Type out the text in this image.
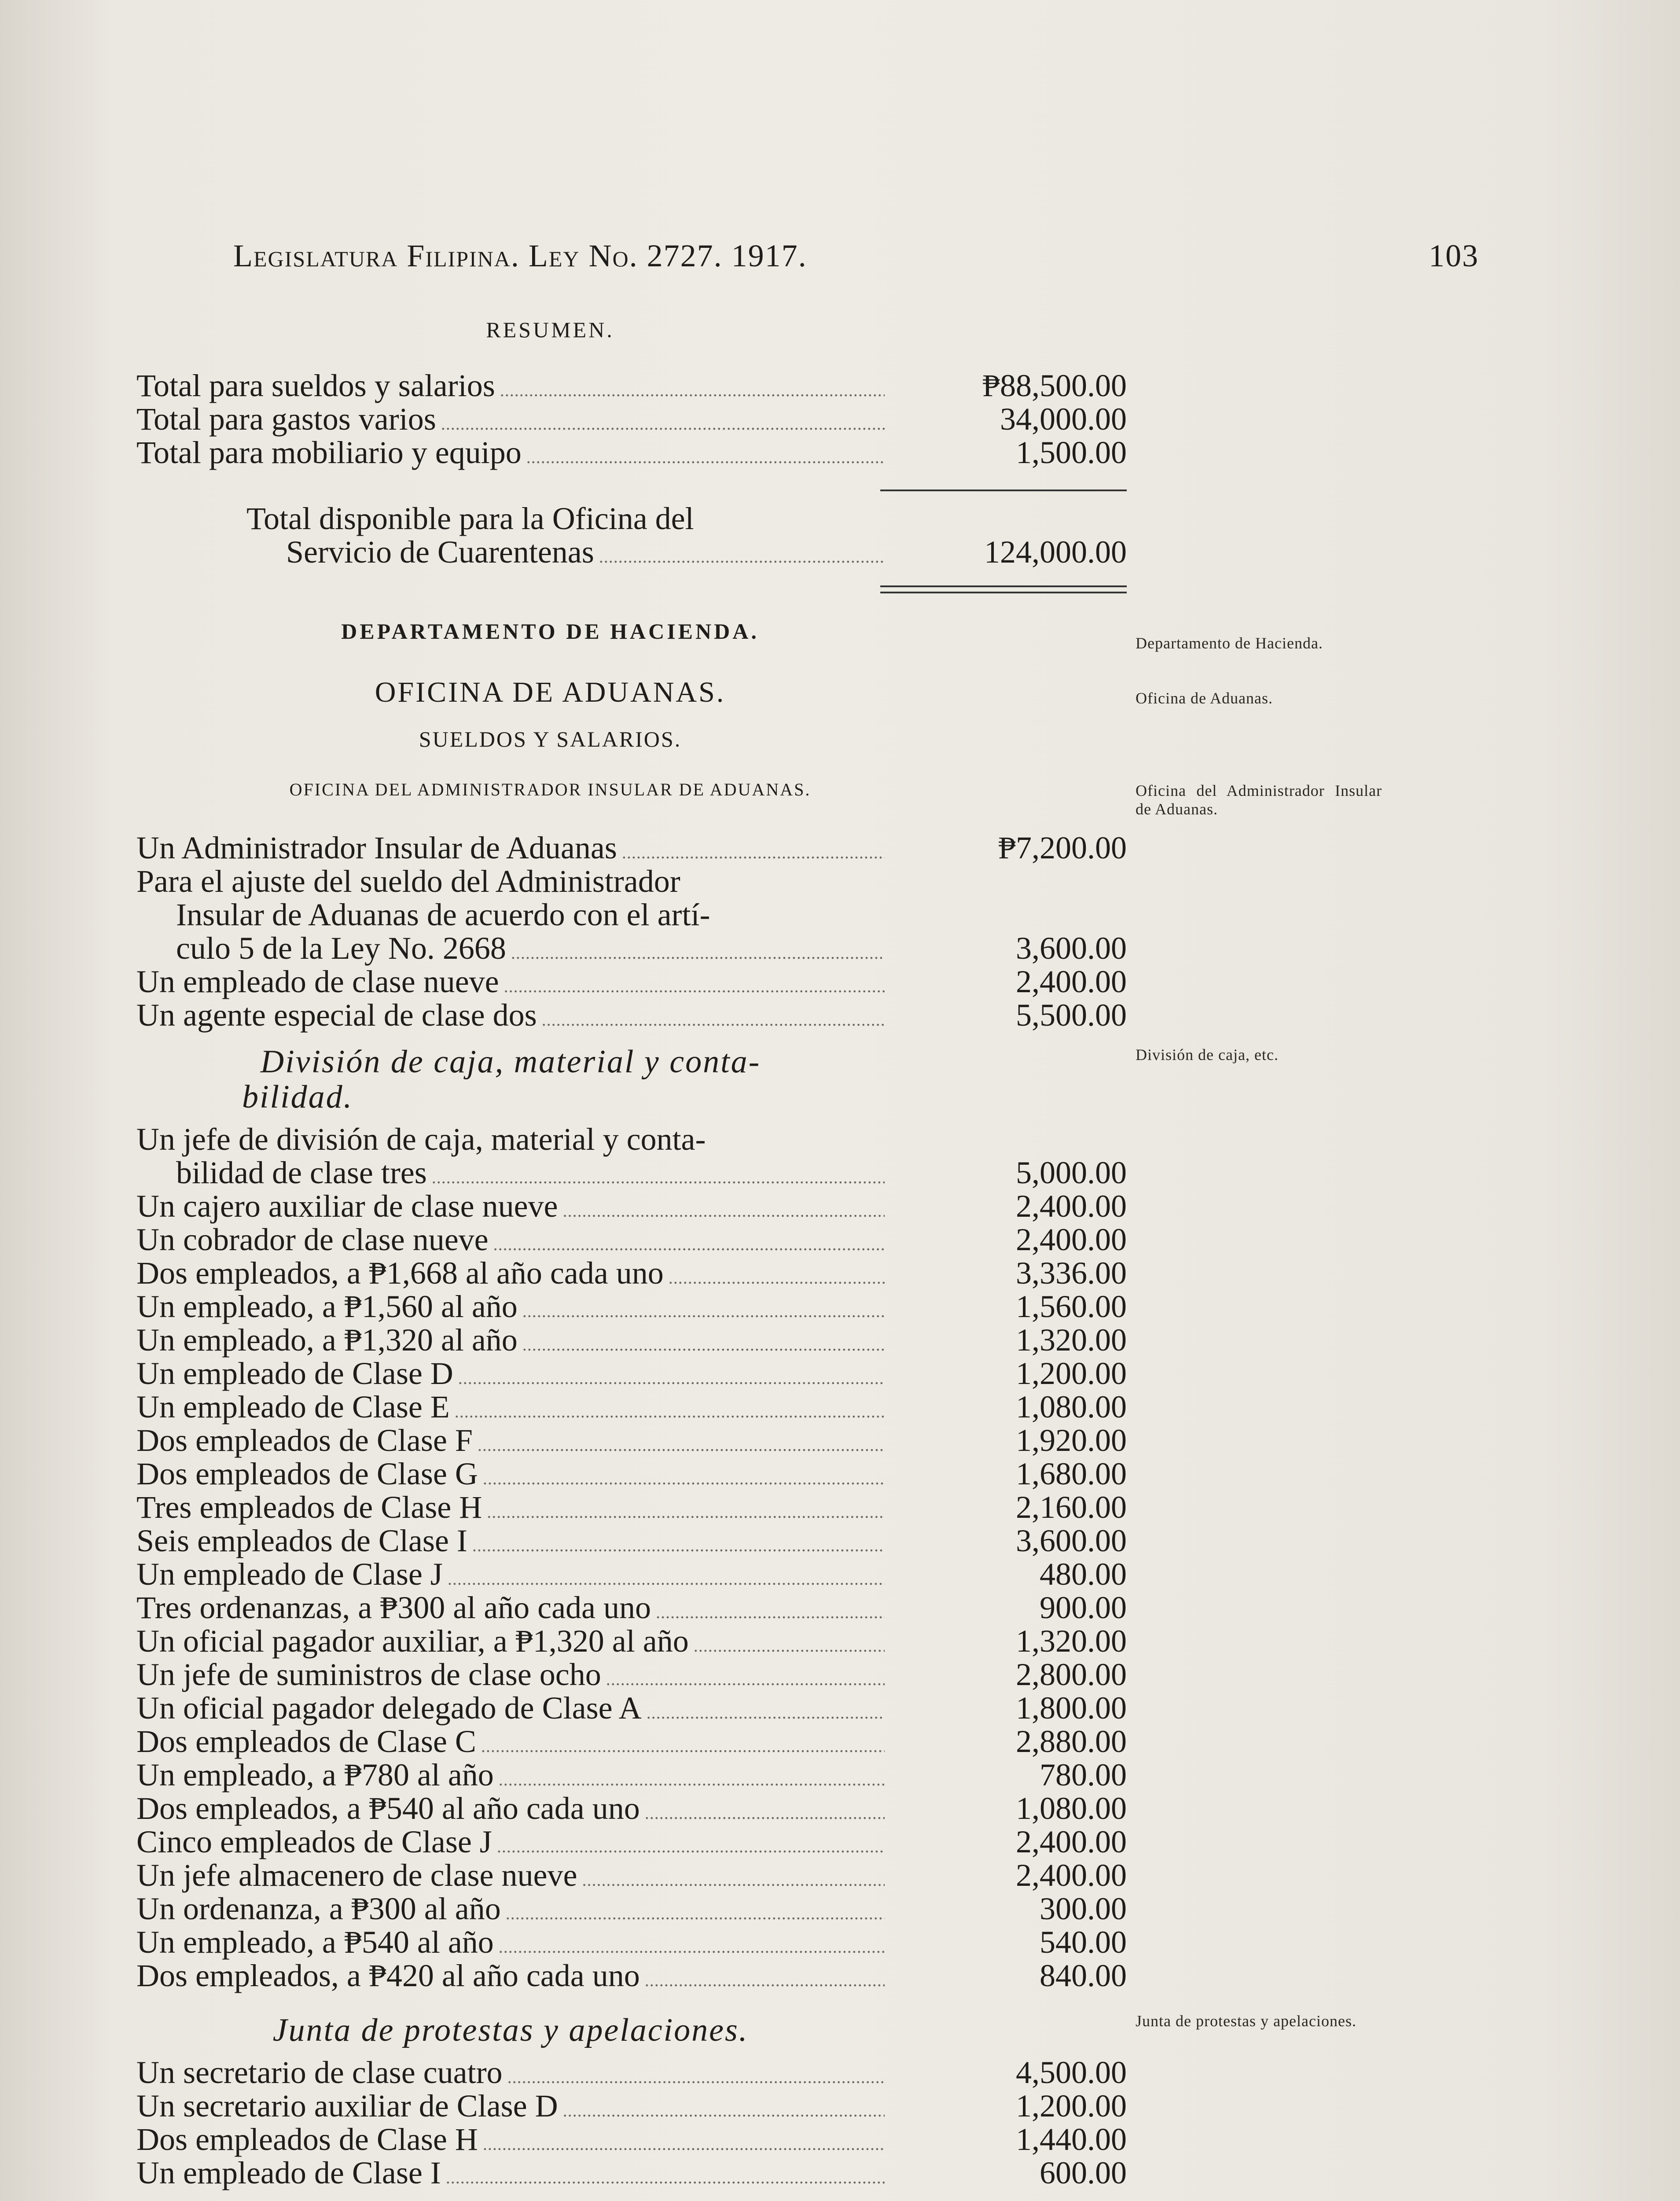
Legislatura Filipina. Ley No. 2727. 1917.	103
RESUMEN.
Total para sueldos y salarios .....	₱88,500.00
Total para gastos varios .....	34,000.00
Total para mobiliario y equipo .....	1,500.00
Total disponible para la Oficina del
Servicio de Cuarentenas .....	124,000.00
DEPARTAMENTO DE HACIENDA.
OFICINA DE ADUANAS.
SUELDOS Y SALARIOS.
OFICINA DEL ADMINISTRADOR INSULAR DE ADUANAS.
Un Administrador Insular de Aduanas .....	₱7,200.00
Para el ajuste del sueldo del Administrador
Insular de Aduanas de acuerdo con el artí-
culo 5 de la Ley No. 2668 .....	3,600.00
Un empleado de clase nueve .....	2,400.00
Un agente especial de clase dos .....	5,500.00
División de caja, material y conta-
bilidad.
Un jefe de división de caja, material y conta-
bilidad de clase tres .....	5,000.00
Un cajero auxiliar de clase nueve .....	2,400.00
Un cobrador de clase nueve .....	2,400.00
Dos empleados, a ₱1,668 al año cada uno .....	3,336.00
Un empleado, a ₱1,560 al año .....	1,560.00
Un empleado, a ₱1,320 al año .....	1,320.00
Un empleado de Clase D .....	1,200.00
Un empleado de Clase E .....	1,080.00
Dos empleados de Clase F .....	1,920.00
Dos empleados de Clase G .....	1,680.00
Tres empleados de Clase H .....	2,160.00
Seis empleados de Clase I .....	3,600.00
Un empleado de Clase J .....	480.00
Tres ordenanzas, a ₱300 al año cada uno .....	900.00
Un oficial pagador auxiliar, a ₱1,320 al año .....	1,320.00
Un jefe de suministros de clase ocho .....	2,800.00
Un oficial pagador delegado de Clase A .....	1,800.00
Dos empleados de Clase C .....	2,880.00
Un empleado, a ₱780 al año .....	780.00
Dos empleados, a ₱540 al año cada uno .....	1,080.00
Cinco empleados de Clase J .....	2,400.00
Un jefe almacenero de clase nueve .....	2,400.00
Un ordenanza, a ₱300 al año .....	300.00
Un empleado, a ₱540 al año .....	540.00
Dos empleados, a ₱420 al año cada uno .....	840.00
Junta de protestas y apelaciones.
Un secretario de clase cuatro .....	4,500.00
Un secretario auxiliar de Clase D .....	1,200.00
Dos empleados de Clase H .....	1,440.00
Un empleado de Clase I .....	600.00
Departamento de Hacienda.
Oficina de Aduanas.
Oficina del Administrador Insular de Aduanas.
División de caja, etc.
Junta de protestas y apelaciones.
